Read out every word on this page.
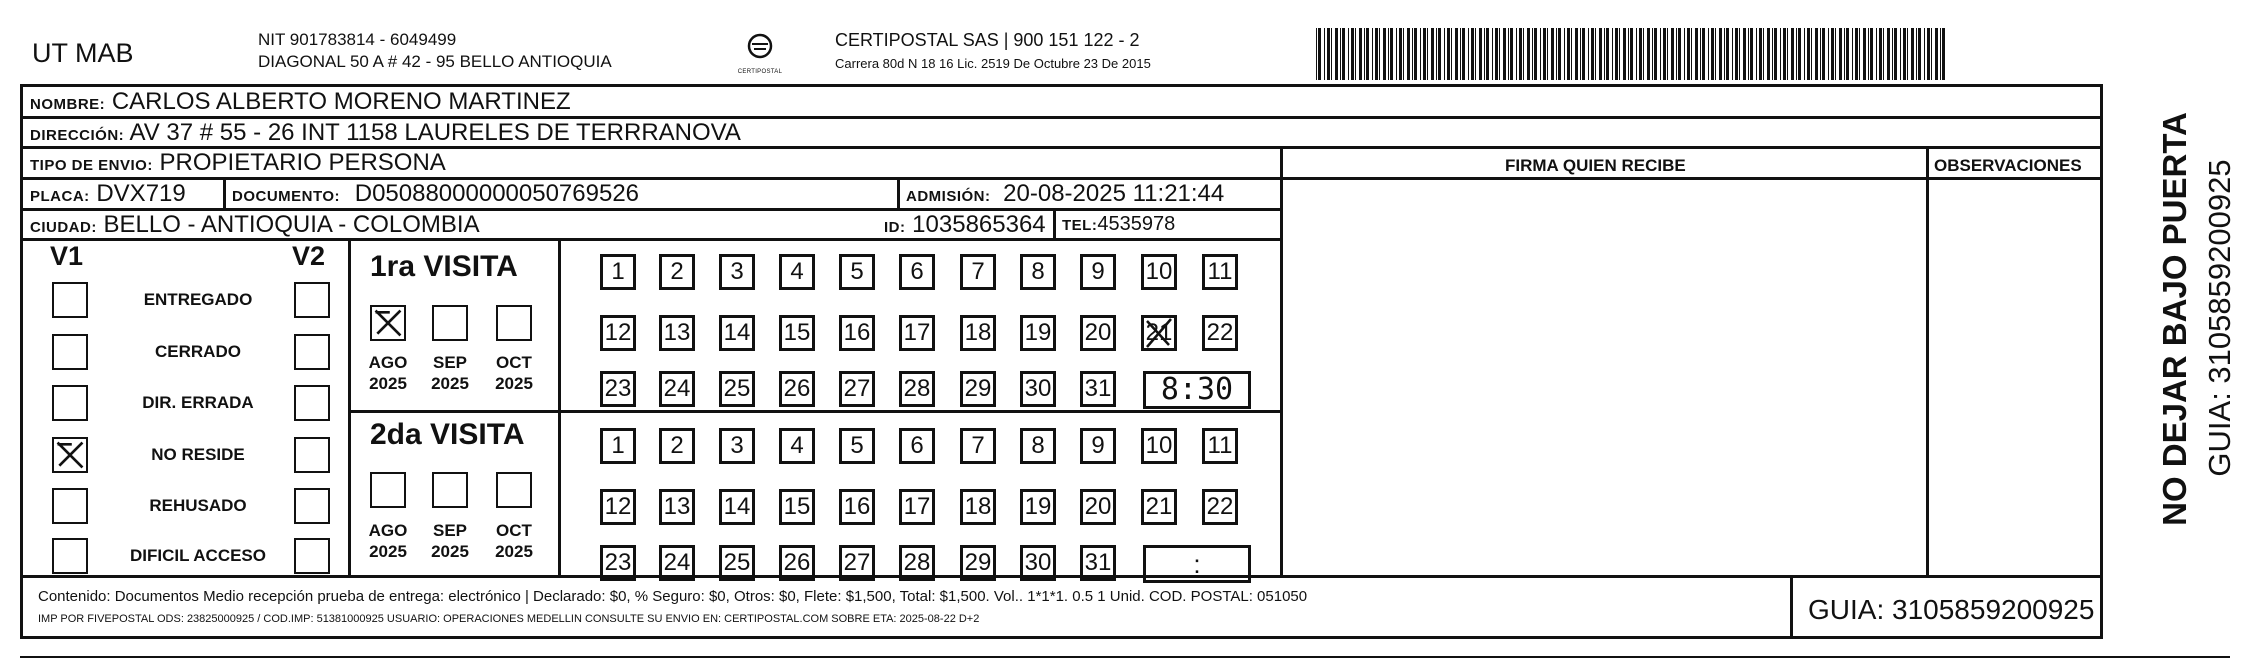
UT MAB	NIT 901783814 - 6049499
DIAGONAL 50 A # 42 - 95 BELLO ANTIOQUIA
CERTIPOSTAL
CERTIPOSTAL SAS | 900 151 122 - 2
Carrera 80d N 18 16 Lic. 2519 De Octubre 23 De 2015
NOMBRE: CARLOS ALBERTO MORENO MARTINEZ
DIRECCIÓN: AV 37 # 55 - 26 INT 1158 LAURELES DE TERRRANOVA
TIPO DE ENVIO: PROPIETARIO PERSONA
PLACA: DVX719	DOCUMENTO: D05088000000050769526	ADMISIÓN: 20-08-2025 11:21:44
CIUDAD: BELLO - ANTIOQUIA - COLOMBIA	ID: 1035865364 TEL:4535978
FIRMA QUIEN RECIBE	OBSERVACIONES
V1	V2
ENTREGADO
CERRADO
DIR. ERRADA
NO RESIDE
REHUSADO
DIFICIL ACCESO
1ra VISITA
2da VISITA
AGO
2025
SEP
2025
OCT
2025
AGO
2025
SEP
2025
OCT
2025
1	2	3	4	5	6	7	8	9	10 11
12 13 14 15 16 17 18 19 20 21 22
23 24 25 26 27 28 29 30 31	8:30
1	2	3	4	5	6	7	8	9	10 11
12 13 14 15 16 17 18 19 20 21 22
23 24 25 26 27 28 29 30 31	:
Contenido: Documentos Medio recepción prueba de entrega: electrónico | Declarado: $0, % Seguro: $0, Otros: $0, Flete: $1,500, Total: $1,500. Vol.. 1*1*1. 0.5 1 Unid. COD. POSTAL: 051050
IMP POR FIVEPOSTAL ODS: 23825000925 / COD.IMP: 51381000925 USUARIO: OPERACIONES MEDELLIN CONSULTE SU ENVIO EN: CERTIPOSTAL.COM SOBRE ETA: 2025-08-22 D+2	GUIA: 3105859200925
NO DEJAR BAJO PUERTA GUIA: 3105859200925
